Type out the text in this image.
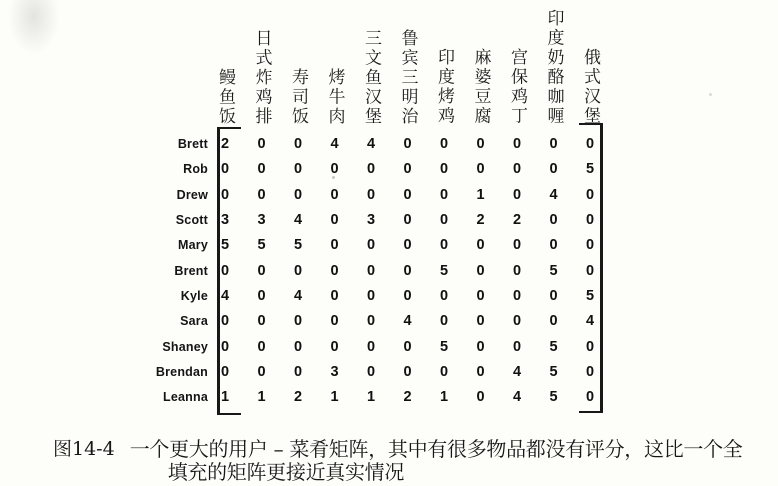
鳗鱼饭 日式炸鸡排 寿司饭 烤牛肉 三文鱼汉堡 鲁宾三明治 印度烤鸡 麻婆豆腐 宫保鸡丁 印度奶酪咖喱 俄式汉堡
Brett 2	0	0	4	4	0	0	0	0	0	0
Rob 0	0	0	0	0	0	0	0	0	0	5
Drew 0	0	0	0	0	0	0	1	0	4	0
Scott 3	3	4	0	3	0	0	2	2	0	0
Mary 5	5	5	0	0	0	0	0	0	0	0
Brent 0	0	0	0	0	0	5	0	0	5	0
Kyle 4	0	4	0	0	0	0	0	0	0	5
Sara 0	0	0	0	0	4	0	0	0	0	4
Shaney 0	0	0	0	0	0	5	0	0	5	0
Brendan 0	0	0	3	0	0	0	0	4	5	0
Leanna 1	1	2	1	1	2	1	0	4	5	0
图14-4 一个更大的用户 – 菜肴矩阵，其中有很多物品都没有评分，这比一个全
填充的矩阵更接近真实情况
